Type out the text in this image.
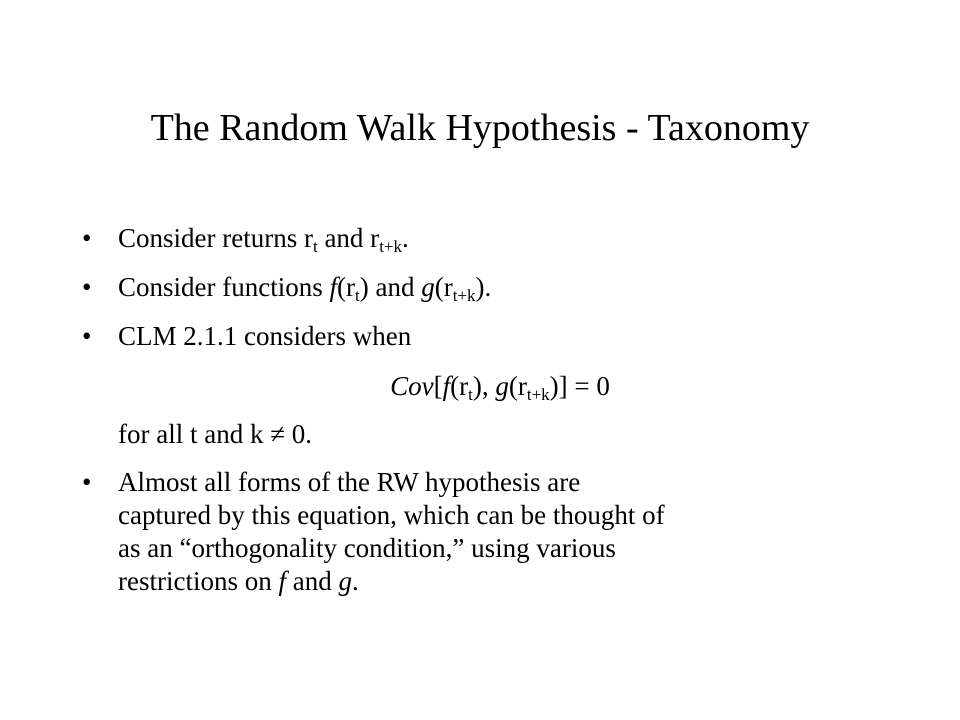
The Random Walk Hypothesis - Taxonomy
• Consider returns $r_t$ and $r_{t+k}$.
• Consider functions $f(r_t)$ and $g(r_{t+k})$.
• CLM 2.1.1 considers when
$Cov[f(r_t)$, $g(r_{t+k})] = 0$
for all t and k ≠ 0.
• Almost all forms of the RW hypothesis are
captured by this equation, which can be thought of
as an “orthogonality condition,” using various
restrictions on f and g.
